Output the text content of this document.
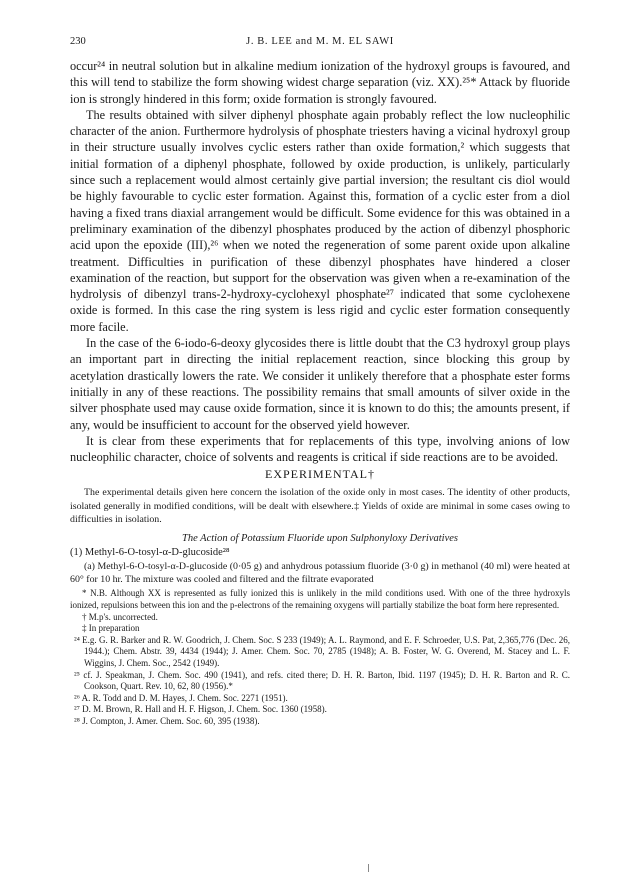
230	J. B. LEE and M. M. EL SAWI

occur²⁴ in neutral solution but in alkaline medium ionization of the hydroxyl groups is favoured, and this will tend to stabilize the form showing widest charge separation (viz. XX).²⁵* Attack by fluoride ion is strongly hindered in this form; oxide formation is strongly favoured.

The results obtained with silver diphenyl phosphate again probably reflect the low nucleophilic character of the anion. Furthermore hydrolysis of phosphate triesters having a vicinal hydroxyl group in their structure usually involves cyclic esters rather than oxide formation,² which suggests that initial formation of a diphenyl phosphate, followed by oxide production, is unlikely, particularly since such a replacement would almost certainly give partial inversion; the resultant cis diol would be highly favourable to cyclic ester formation. Against this, formation of a cyclic ester from a diol having a fixed trans diaxial arrangement would be difficult. Some evidence for this was obtained in a preliminary examination of the dibenzyl phosphates produced by the action of dibenzyl phosphoric acid upon the epoxide (III),²⁶ when we noted the regeneration of some parent oxide upon alkaline treatment. Difficulties in purification of these dibenzyl phosphates have hindered a closer examination of the reaction, but support for the observation was given when a re-examination of the hydrolysis of dibenzyl trans-2-hydroxy-cyclohexyl phosphate²⁷ indicated that some cyclohexene oxide is formed. In this case the ring system is less rigid and cyclic ester formation consequently more facile.

In the case of the 6-iodo-6-deoxy glycosides there is little doubt that the C3 hydroxyl group plays an important part in directing the initial replacement reaction, since blocking this group by acetylation drastically lowers the rate. We consider it unlikely therefore that a phosphate ester forms initially in any of these reactions. The possibility remains that small amounts of silver oxide in the silver phosphate used may cause oxide formation, since it is known to do this; the amounts present, if any, would be insufficient to account for the observed yield however.

It is clear from these experiments that for replacements of this type, involving anions of low nucleophilic character, choice of solvents and reagents is critical if side reactions are to be avoided.

EXPERIMENTAL†

The experimental details given here concern the isolation of the oxide only in most cases. The identity of other products, isolated generally in modified conditions, will be dealt with elsewhere.‡ Yields of oxide are minimal in some cases owing to difficulties in isolation.

The Action of Potassium Fluoride upon Sulphonyloxy Derivatives
(1) Methyl-6-O-tosyl-α-D-glucoside²⁸

(a) Methyl-6-O-tosyl-α-D-glucoside (0·05 g) and anhydrous potassium fluoride (3·0 g) in methanol (40 ml) were heated at 60° for 10 hr. The mixture was cooled and filtered and the filtrate evaporated

* N.B. Although XX is represented as fully ionized this is unlikely in the mild conditions used. With one of the three hydroxyls ionized, repulsions between this ion and the p-electrons of the remaining oxygens will partially stabilize the boat form here represented.
† M.p's. uncorrected.
‡ In preparation
²⁴ E.g. G. R. Barker and R. W. Goodrich, J. Chem. Soc. S 233 (1949); A. L. Raymond, and E. F. Schroeder, U.S. Pat, 2,365,776 (Dec. 26, 1944.); Chem. Abstr. 39, 4434 (1944); J. Amer. Chem. Soc. 70, 2785 (1948); A. B. Foster, W. G. Overend, M. Stacey and L. F. Wiggins, J. Chem. Soc., 2542 (1949).
²⁵ cf. J. Speakman, J. Chem. Soc. 490 (1941), and refs. cited there; D. H. R. Barton, Ibid. 1197 (1945); D. H. R. Barton and R. C. Cookson, Quart. Rev. 10, 62, 80 (1956).*
²⁶ A. R. Todd and D. M. Hayes, J. Chem. Soc. 2271 (1951).
²⁷ D. M. Brown, R. Hall and H. F. Higson, J. Chem. Soc. 1360 (1958).
²⁸ J. Compton, J. Amer. Chem. Soc. 60, 395 (1938).
